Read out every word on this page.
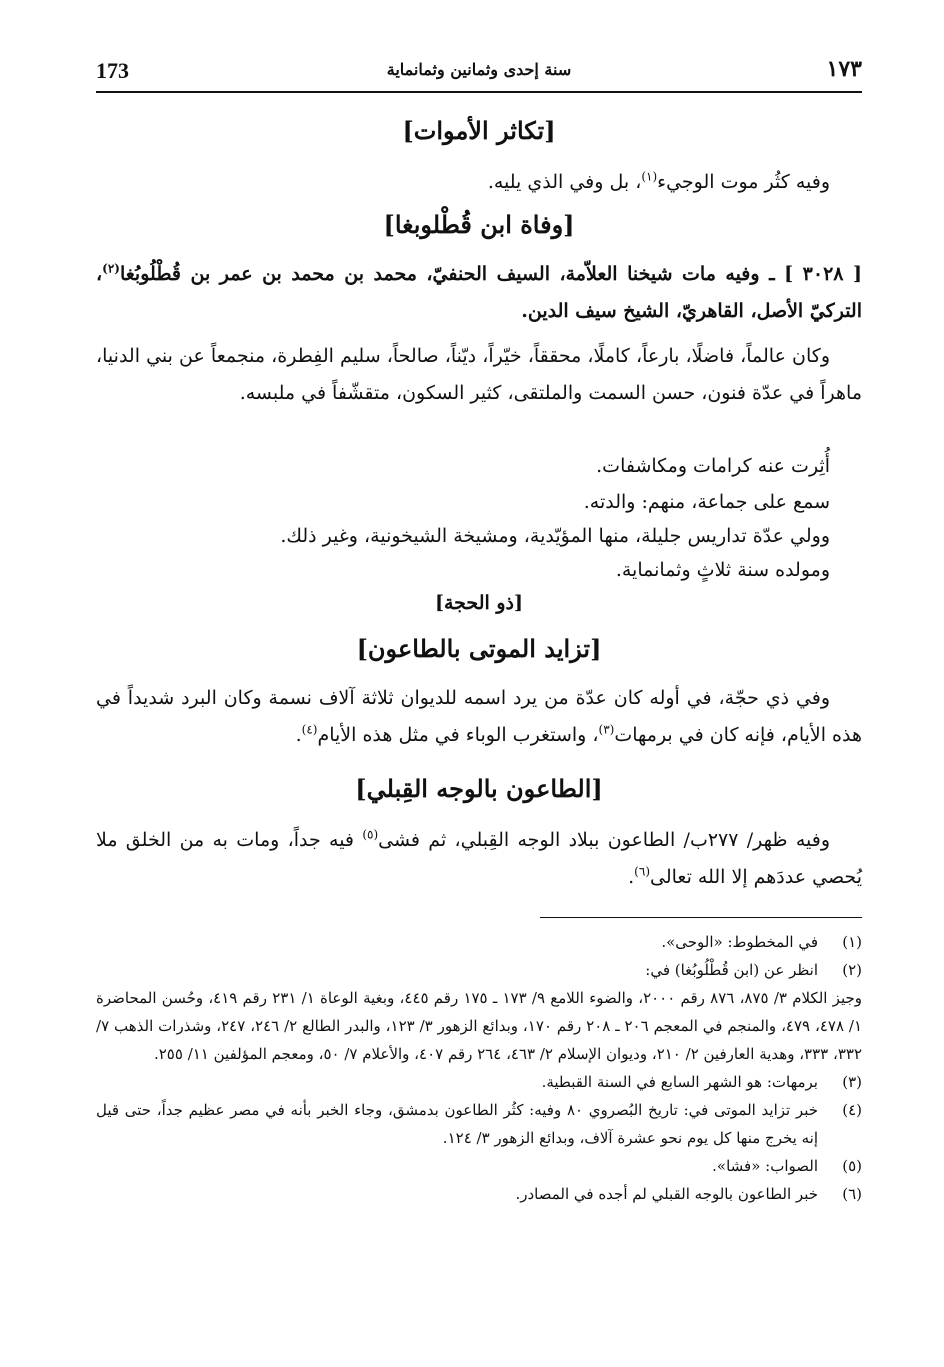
173	سنة إحدى وثمانين وثمانماية	١٧٣
[تكاثر الأموات]
وفيه كثُر موت الوجيء$^{(١)}$، بل وفي الذي يليه.
[وفاة ابن قُطْلوبغا]
[ ٣٠٢٨ ] ـ وفيه مات شيخنا العلاّمة، السيف الحنفيّ، محمد بن محمد بن عمر بن قُطْلُوبُغا$^{(٢)}$، التركيّ الأصل، القاهريّ، الشيخ سيف الدين.
وكان عالماً، فاضلًا، بارعاً، كاملًا، محققاً، خيّراً، ديّناً، صالحاً، سليم الفِطرة، منجمعاً عن بني الدنيا، ماهراً في عدّة فنون، حسن السمت والملتقى، كثير السكون، متقشّفاً في ملبسه.
أُثِرت عنه كرامات ومكاشفات.
سمع على جماعة، منهم: والدته.
وولي عدّة تداريس جليلة، منها المؤيّدية، ومشيخة الشيخونية، وغير ذلك.
ومولده سنة ثلاثٍ وثمانماية.
[ذو الحجة]
[تزايد الموتى بالطاعون]
وفي ذي حجّة، في أوله كان عدّة من يرد اسمه للديوان ثلاثة آلاف نسمة وكان البرد شديداً في هذه الأيام، فإنه كان في برمهات$^{(٣)}$، واستغرب الوباء في مثل هذه الأيام$^{(٤)}$.
[الطاعون بالوجه القِبلي]
وفيه ظهر/ ٢٧٧ب/ الطاعون ببلاد الوجه القِبلي، ثم فشى$^{(٥)}$ فيه جداً، ومات به من الخلق ملا يُحصي عددَهم إلا الله تعالى$^{(٦)}$.
(١)
في المخطوط: «الوحى».
(٢)
انظر عن (ابن قُطْلُوبُغا) في:
وجيز الكلام ٣/ ٨٧٥، ٨٧٦ رقم ٢٠٠٠، والضوء اللامع ٩/ ١٧٣ ـ ١٧٥ رقم ٤٤٥، وبغية الوعاة ١/ ٢٣١ رقم ٤١٩، وحُسن المحاضرة ١/ ٤٧٨، ٤٧٩، والمنجم في المعجم ٢٠٦ ـ ٢٠٨ رقم ١٧٠، وبدائع الزهور ٣/ ١٢٣، والبدر الطالع ٢/ ٢٤٦، ٢٤٧، وشذرات الذهب ٧/ ٣٣٢، ٣٣٣، وهدية العارفين ٢/ ٢١٠، وديوان الإسلام ٢/ ٤٦٣، ٢٦٤ رقم ٤٠٧، والأعلام ٧/ ٥٠، ومعجم المؤلفين ١١/ ٢٥٥.
(٣)
برمهات: هو الشهر السابع في السنة القبطية.
(٤)
خبر تزايد الموتى في: تاريخ البُصروي ٨٠ وفيه: كثُر الطاعون بدمشق، وجاء الخبر بأنه في مصر عظيم جداً، حتى قيل إنه يخرج منها كل يوم نحو عشرة آلاف، وبدائع الزهور ٣/ ١٢٤.
(٥)
الصواب: «فشا».
(٦)
خبر الطاعون بالوجه القبلي لم أجده في المصادر.
